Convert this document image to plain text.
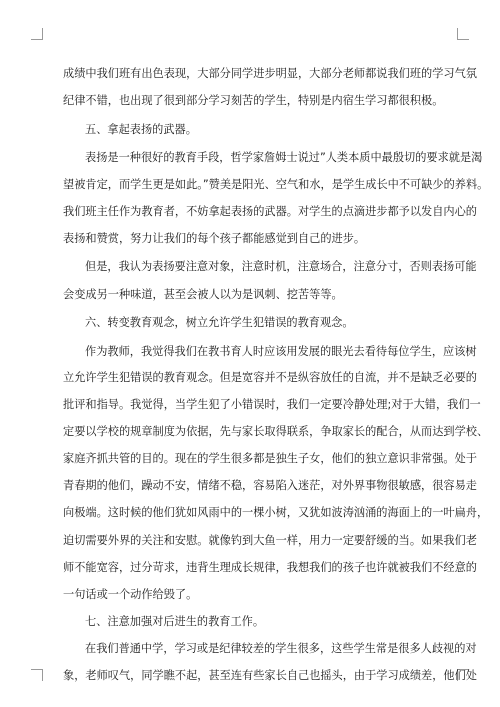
成绩中我们班有出色表现，大部分同学进步明显，大部分老师都说我们班的学习气氛
纪律不错，也出现了很到部分学习刻苦的学生，特别是内宿生学习都很积极。
五、拿起表扬的武器。
表扬是一种很好的教育手段，哲学家詹姆士说过”人类本质中最殷切的要求就是渴
望被肯定，而学生更是如此。”赞美是阳光、空气和水，是学生成长中不可缺少的养料。
我们班主任作为教育者，不妨拿起表扬的武器。对学生的点滴进步都予以发自内心的
表扬和赞赏，努力让我们的每个孩子都能感觉到自己的进步。
但是，我认为表扬要注意对象，注意时机，注意场合，注意分寸，否则表扬可能
会变成另一种味道，甚至会被人以为是讽刺、挖苦等等。
六、转变教育观念，树立允许学生犯错误的教育观念。
作为教师，我觉得我们在教书育人时应该用发展的眼光去看待每位学生，应该树
立允许学生犯错误的教育观念。但是宽容并不是纵容放任的自流，并不是缺乏必要的
批评和指导。我觉得，当学生犯了小错误时，我们一定要冷静处理;对于大错，我们一
定要以学校的规章制度为依据，先与家长取得联系，争取家长的配合，从而达到学校、
家庭齐抓共管的目的。现在的学生很多都是独生子女，他们的独立意识非常强。处于
青春期的他们，躁动不安，情绪不稳，容易陷入迷茫，对外界事物很敏感，很容易走
向极端。这时候的他们犹如风雨中的一棵小树，又犹如波涛汹涌的海面上的一叶扁舟，
迫切需要外界的关注和安慰。就像钓到大鱼一样，用力一定要舒缓的当。如果我们老
师不能宽容，过分苛求，违背生理成长规律，我想我们的孩子也许就被我们不经意的
一句话或一个动作给毁了。
七、注意加强对后进生的教育工作。
在我们普通中学，学习或是纪律较差的学生很多，这些学生常是很多人歧视的对
象，老师叹气，同学瞧不起，甚至连有些家长自己也摇头，由于学习成绩差，他们处
